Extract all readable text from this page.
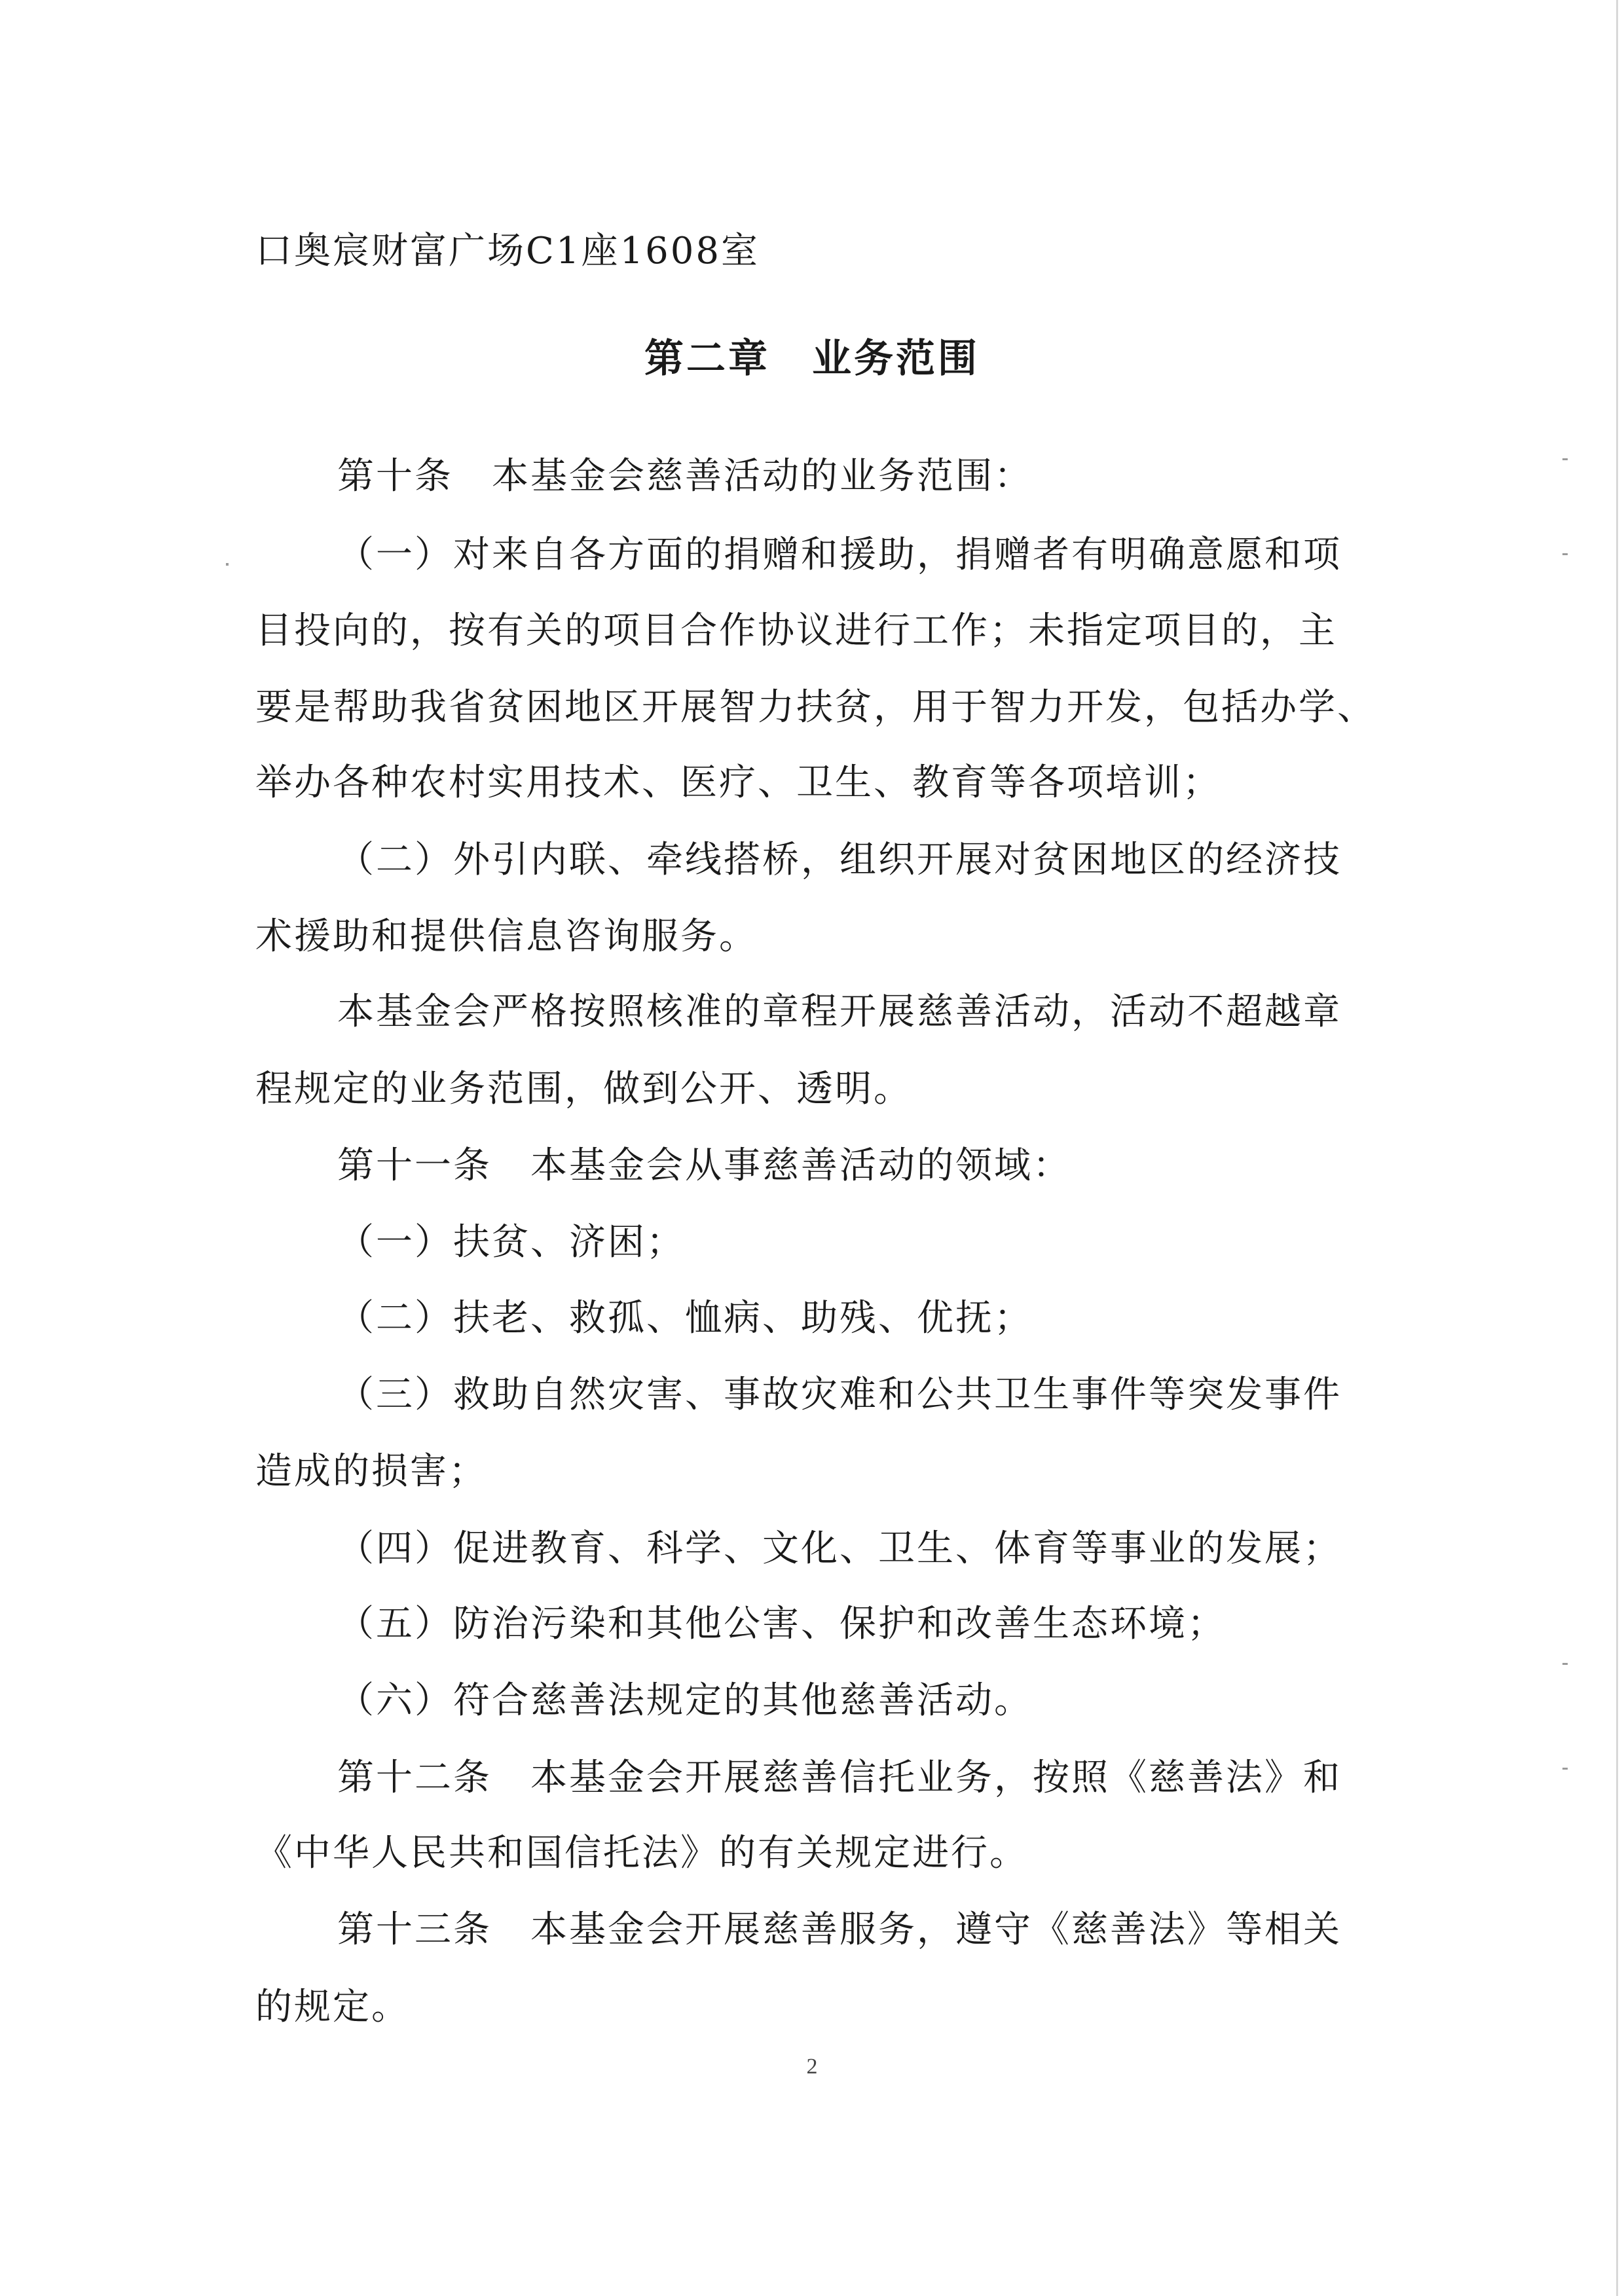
口奥宸财富广场C1座1608室
第二章　业务范围
第十条　本基金会慈善活动的业务范围：
（一）对来自各方面的捐赠和援助，捐赠者有明确意愿和项
目投向的，按有关的项目合作协议进行工作；未指定项目的，主
要是帮助我省贫困地区开展智力扶贫，用于智力开发，包括办学、
举办各种农村实用技术、医疗、卫生、教育等各项培训；
（二）外引内联、牵线搭桥，组织开展对贫困地区的经济技
术援助和提供信息咨询服务。
本基金会严格按照核准的章程开展慈善活动，活动不超越章
程规定的业务范围，做到公开、透明。
第十一条　本基金会从事慈善活动的领域：
（一）扶贫、济困；
（二）扶老、救孤、恤病、助残、优抚；
（三）救助自然灾害、事故灾难和公共卫生事件等突发事件
造成的损害；
（四）促进教育、科学、文化、卫生、体育等事业的发展；
（五）防治污染和其他公害、保护和改善生态环境；
（六）符合慈善法规定的其他慈善活动。
第十二条　本基金会开展慈善信托业务，按照《慈善法》和
《中华人民共和国信托法》的有关规定进行。
第十三条　本基金会开展慈善服务，遵守《慈善法》等相关
的规定。
2
